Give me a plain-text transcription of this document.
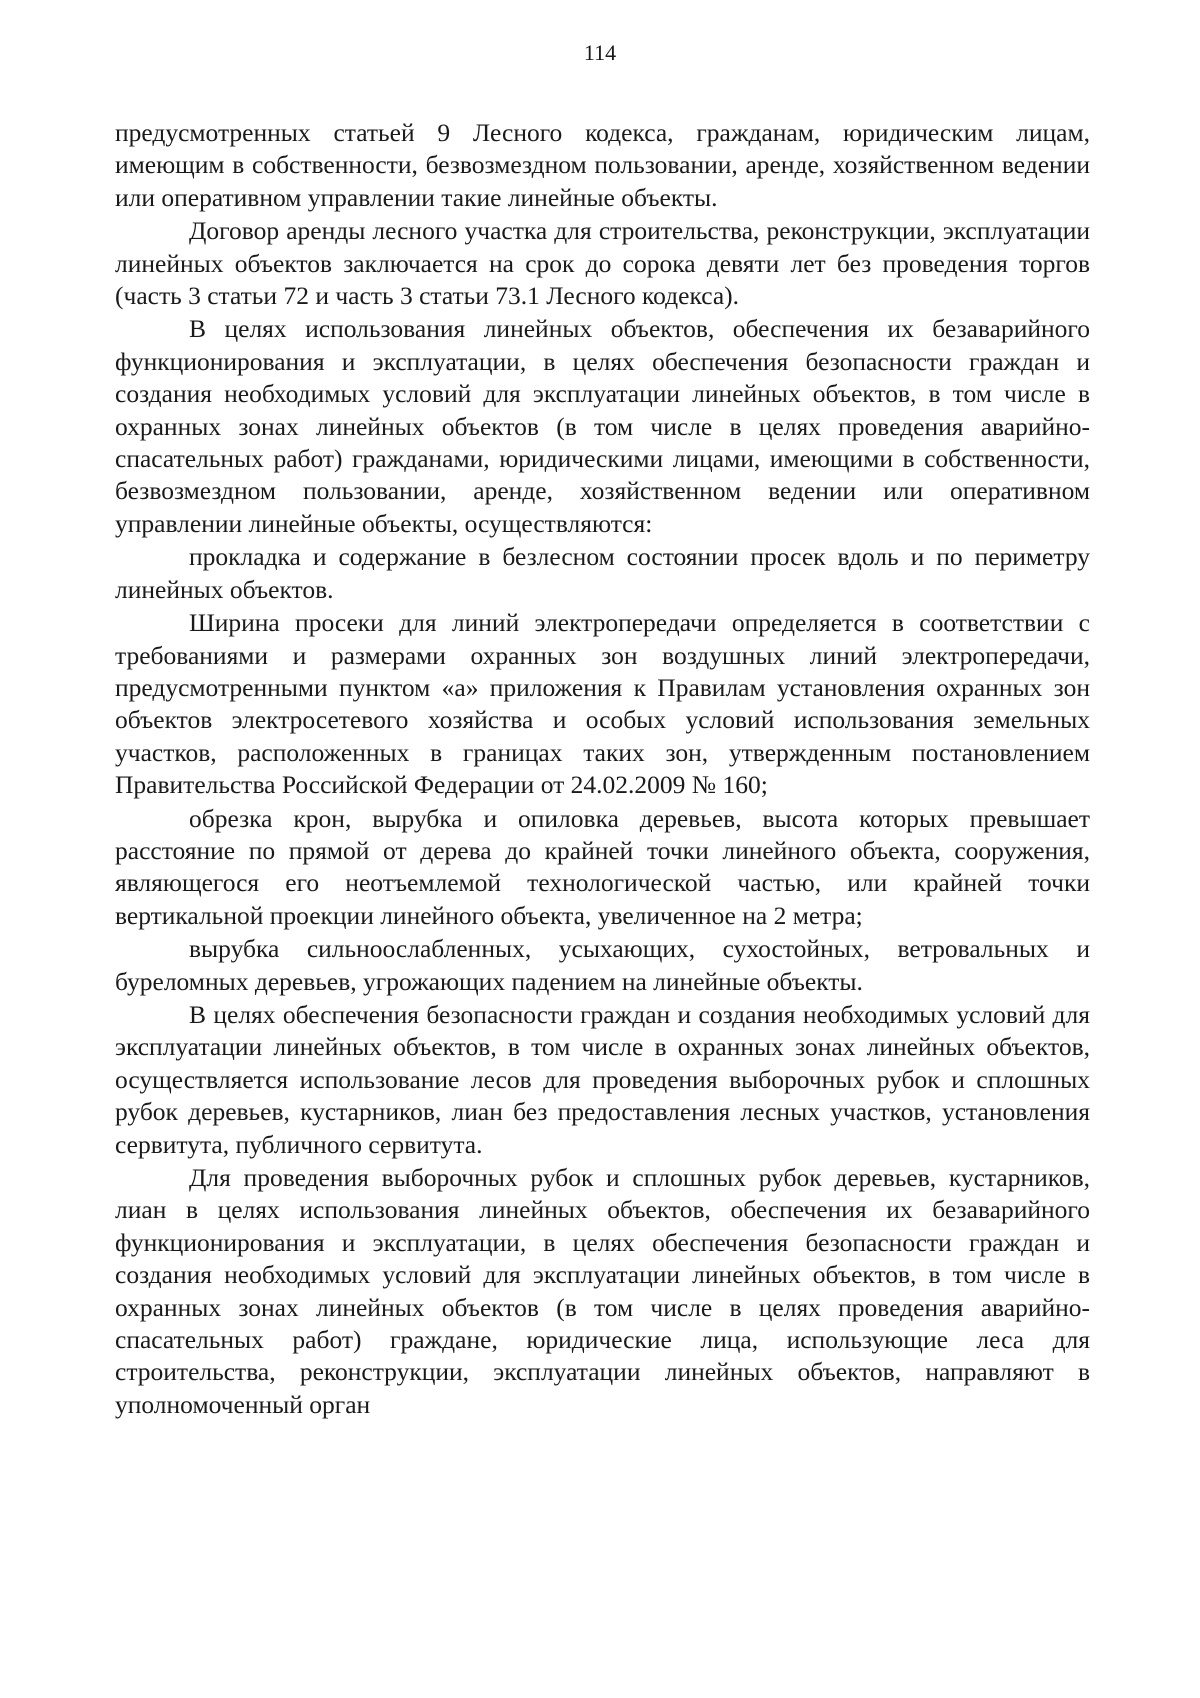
114

предусмотренных статьей 9 Лесного кодекса, гражданам, юридическим лицам, имеющим в собственности, безвозмездном пользовании, аренде, хозяйственном ведении или оперативном управлении такие линейные объекты.

Договор аренды лесного участка для строительства, реконструкции, эксплуатации линейных объектов заключается на срок до сорока девяти лет без проведения торгов (часть 3 статьи 72 и часть 3 статьи 73.1 Лесного кодекса).

В целях использования линейных объектов, обеспечения их безаварийного функционирования и эксплуатации, в целях обеспечения безопасности граждан и создания необходимых условий для эксплуатации линейных объектов, в том числе в охранных зонах линейных объектов (в том числе в целях проведения аварийно-спасательных работ) гражданами, юридическими лицами, имеющими в собственности, безвозмездном пользовании, аренде, хозяйственном ведении или оперативном управлении линейные объекты, осуществляются:

прокладка и содержание в безлесном состоянии просек вдоль и по периметру линейных объектов.

Ширина просеки для линий электропередачи определяется в соответствии с требованиями и размерами охранных зон воздушных линий электропередачи, предусмотренными пунктом «а» приложения к Правилам установления охранных зон объектов электросетевого хозяйства и особых условий использования земельных участков, расположенных в границах таких зон, утвержденным постановлением Правительства Российской Федерации от 24.02.2009 № 160;

обрезка крон, вырубка и опиловка деревьев, высота которых превышает расстояние по прямой от дерева до крайней точки линейного объекта, сооружения, являющегося его неотъемлемой технологической частью, или крайней точки вертикальной проекции линейного объекта, увеличенное на 2 метра;

вырубка сильноослабленных, усыхающих, сухостойных, ветровальных и буреломных деревьев, угрожающих падением на линейные объекты.

В целях обеспечения безопасности граждан и создания необходимых условий для эксплуатации линейных объектов, в том числе в охранных зонах линейных объектов, осуществляется использование лесов для проведения выборочных рубок и сплошных рубок деревьев, кустарников, лиан без предоставления лесных участков, установления сервитута, публичного сервитута.

Для проведения выборочных рубок и сплошных рубок деревьев, кустарников, лиан в целях использования линейных объектов, обеспечения их безаварийного функционирования и эксплуатации, в целях обеспечения безопасности граждан и создания необходимых условий для эксплуатации линейных объектов, в том числе в охранных зонах линейных объектов (в том числе в целях проведения аварийно-спасательных работ) граждане, юридические лица, использующие леса для строительства, реконструкции, эксплуатации линейных объектов, направляют в уполномоченный орган
